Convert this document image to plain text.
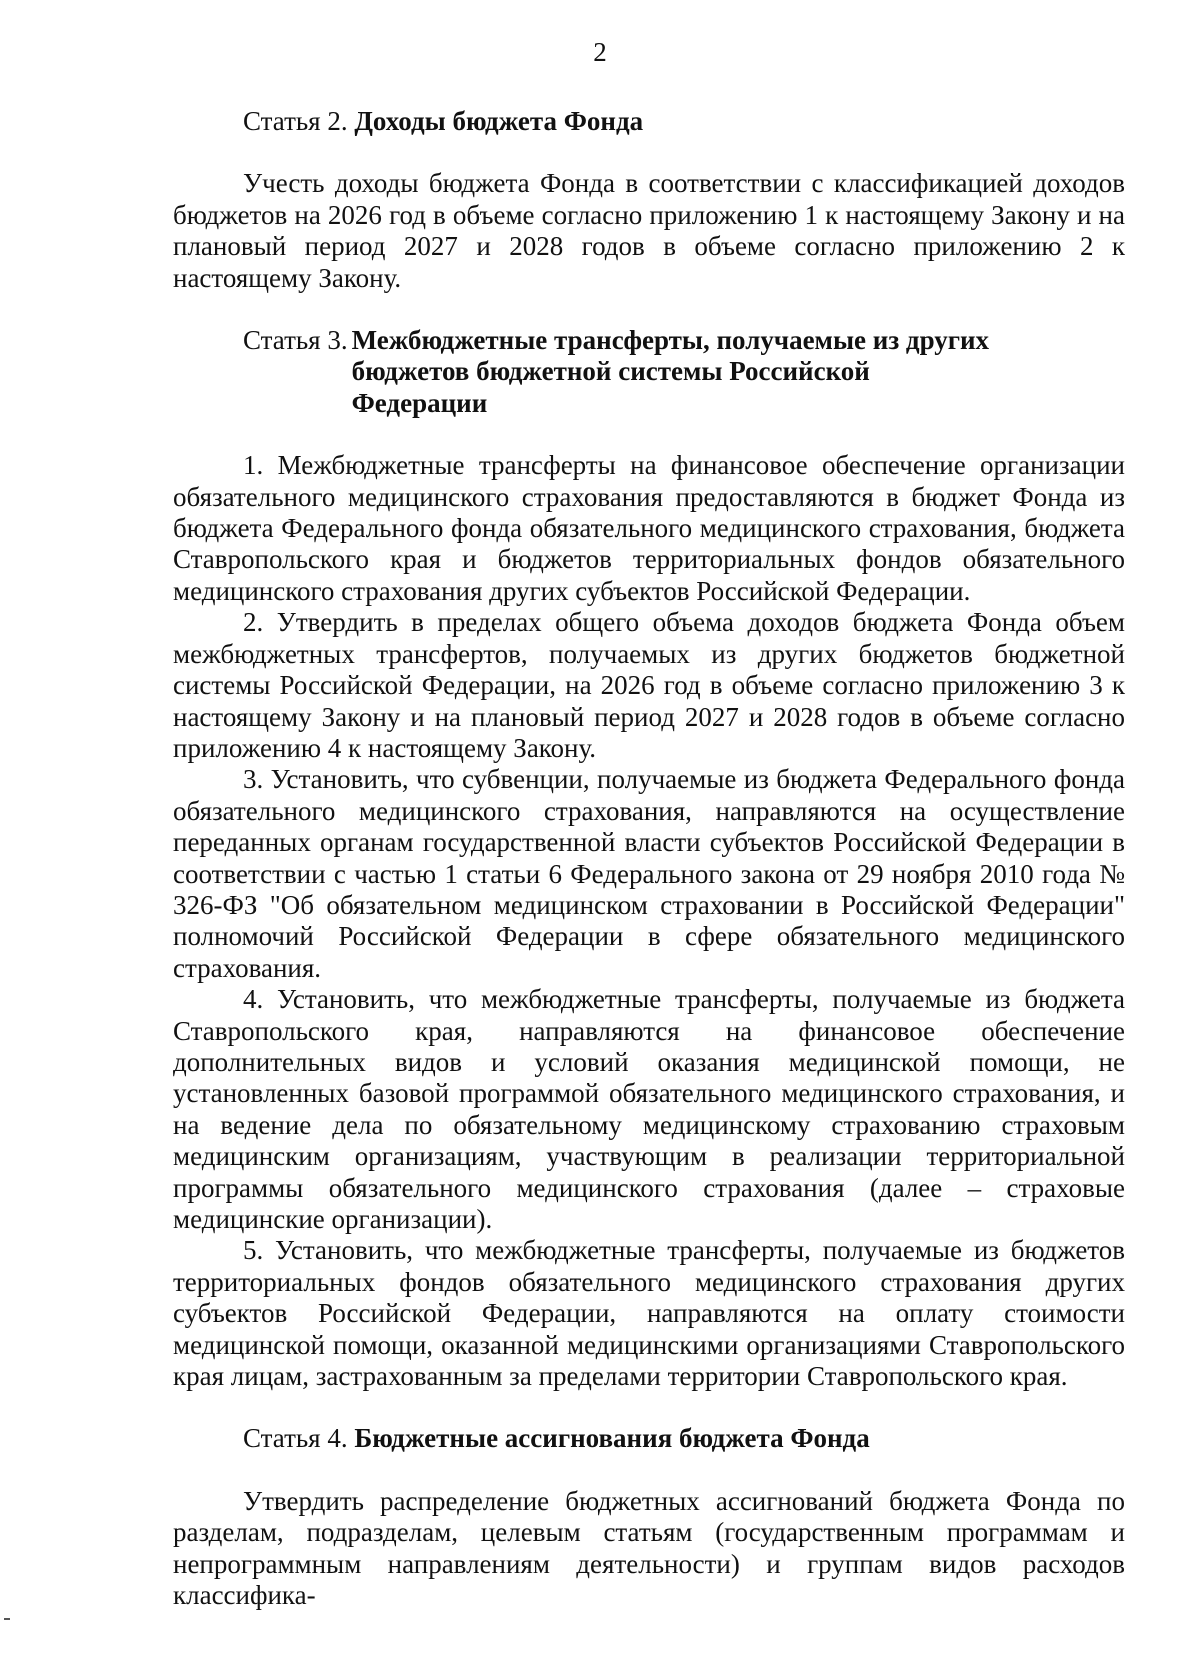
2
Статья 2. Доходы бюджета Фонда

Учесть доходы бюджета Фонда в соответствии с классификацией доходов бюджетов на 2026 год в объеме согласно приложению 1 к настоящему Закону и на плановый период 2027 и 2028 годов в объеме согласно приложению 2 к настоящему Закону.

Статья 3. Межбюджетные трансферты, получаемые из других бюджетов бюджетной системы Российской Федерации

1. Межбюджетные трансферты на финансовое обеспечение организации обязательного медицинского страхования предоставляются в бюджет Фонда из бюджета Федерального фонда обязательного медицинского страхования, бюджета Ставропольского края и бюджетов территориальных фондов обязательного медицинского страхования других субъектов Российской Федерации.

2. Утвердить в пределах общего объема доходов бюджета Фонда объем межбюджетных трансфертов, получаемых из других бюджетов бюджетной системы Российской Федерации, на 2026 год в объеме согласно приложению 3 к настоящему Закону и на плановый период 2027 и 2028 годов в объеме согласно приложению 4 к настоящему Закону.

3. Установить, что субвенции, получаемые из бюджета Федерального фонда обязательного медицинского страхования, направляются на осуществление переданных органам государственной власти субъектов Российской Федерации в соответствии с частью 1 статьи 6 Федерального закона от 29 ноября 2010 года № 326-ФЗ "Об обязательном медицинском страховании в Российской Федерации" полномочий Российской Федерации в сфере обязательного медицинского страхования.

4. Установить, что межбюджетные трансферты, получаемые из бюджета Ставропольского края, направляются на финансовое обеспечение дополнительных видов и условий оказания медицинской помощи, не установленных базовой программой обязательного медицинского страхования, и на ведение дела по обязательному медицинскому страхованию страховым медицинским организациям, участвующим в реализации территориальной программы обязательного медицинского страхования (далее – страховые медицинские организации).

5. Установить, что межбюджетные трансферты, получаемые из бюджетов территориальных фондов обязательного медицинского страхования других субъектов Российской Федерации, направляются на оплату стоимости медицинской помощи, оказанной медицинскими организациями Ставропольского края лицам, застрахованным за пределами территории Ставропольского края.

Статья 4. Бюджетные ассигнования бюджета Фонда

Утвердить распределение бюджетных ассигнований бюджета Фонда по разделам, подразделам, целевым статьям (государственным программам и непрограммным направлениям деятельности) и группам видов расходов классифика-
